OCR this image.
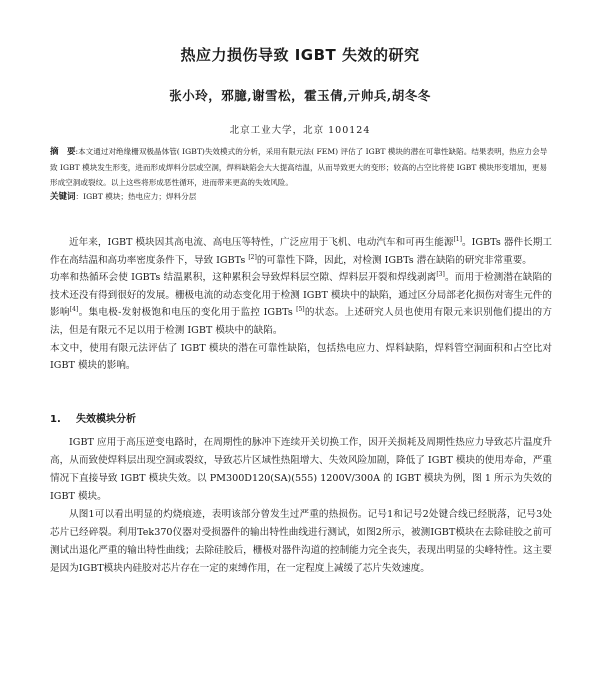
热应力损伤导致 IGBT 失效的研究
张小玲，邪臆,谢雪松，霍玉倩,亓帅兵,胡冬冬
北京工业大学，北京 100124
摘　要:本文通过对绝缘栅双极晶体管( IGBT)失效模式的分析，采用有限元法( FEM) 评估了 IGBT 模块的潜在可靠性缺陷。结果表明，热应力会导致 IGBT 模块发生形变，进而形成焊料分层或空洞，焊料缺陷会大大提高结温，从而导致更大的变形；较高的占空比将使 IGBT 模块形变增加，更易形成空洞或裂纹。以上这些将形成恶性循环，进而带来更高的失效风险。
关键词：IGBT 模块；热电应力；焊料分层

近年来，IGBT 模块因其高电流、高电压等特性，广泛应用于飞机、电动汽车和可再生能源[1]。IGBTs 器件长期工作在高结温和高功率密度条件下，导致 IGBTs [2]的可靠性下降，因此，对检测 IGBTs 潜在缺陷的研究非常重要。

功率和热循环会使 IGBTs 结温累积，这种累积会导致焊料层空隙、焊料层开裂和焊线剥离[3]。而用于检测潜在缺陷的技术还没有得到很好的发展。栅极电流的动态变化用于检测 IGBT 模块中的缺陷，通过区分局部老化损伤对寄生元件的影响[4]。集电极-发射极饱和电压的变化用于监控 IGBTs [5]的状态。上述研究人员也使用有限元来识别他们提出的方法，但是有限元不足以用于检测 IGBT 模块中的缺陷。

本文中，使用有限元法评估了 IGBT 模块的潜在可靠性缺陷，包括热电应力、焊料缺陷，焊料管空洞面积和占空比对 IGBT 模块的影响。

1. 失效模块分析

IGBT 应用于高压逆变电路时，在周期性的脉冲下连续开关切换工作，因开关损耗及周期性热应力导致芯片温度升高，从而致使焊料层出现空洞或裂纹，导致芯片区域性热阻增大、失效风险加剧，降低了 IGBT 模块的使用寿命，严重情况下直接导致 IGBT 模块失效。以 PM300D120(SA)(555) 1200V/300A 的 IGBT 模块为例，图 1 所示为失效的 IGBT 模块。

从图1可以看出明显的灼烧痕迹，表明该部分曾发生过严重的热损伤。记号1和记号2处键合线已经脱落，记号3处芯片已经碎裂。利用Tek370仪器对受损器件的输出特性曲线进行测试，如图2所示，被测IGBT模块在去除硅胶之前可测试出退化严重的输出特性曲线；去除硅胶后，栅极对器件沟道的控制能力完全丧失，表现出明显的尖峰特性。这主要是因为IGBT模块内硅胶对芯片存在一定的束缚作用，在一定程度上减缓了芯片失效速度。
